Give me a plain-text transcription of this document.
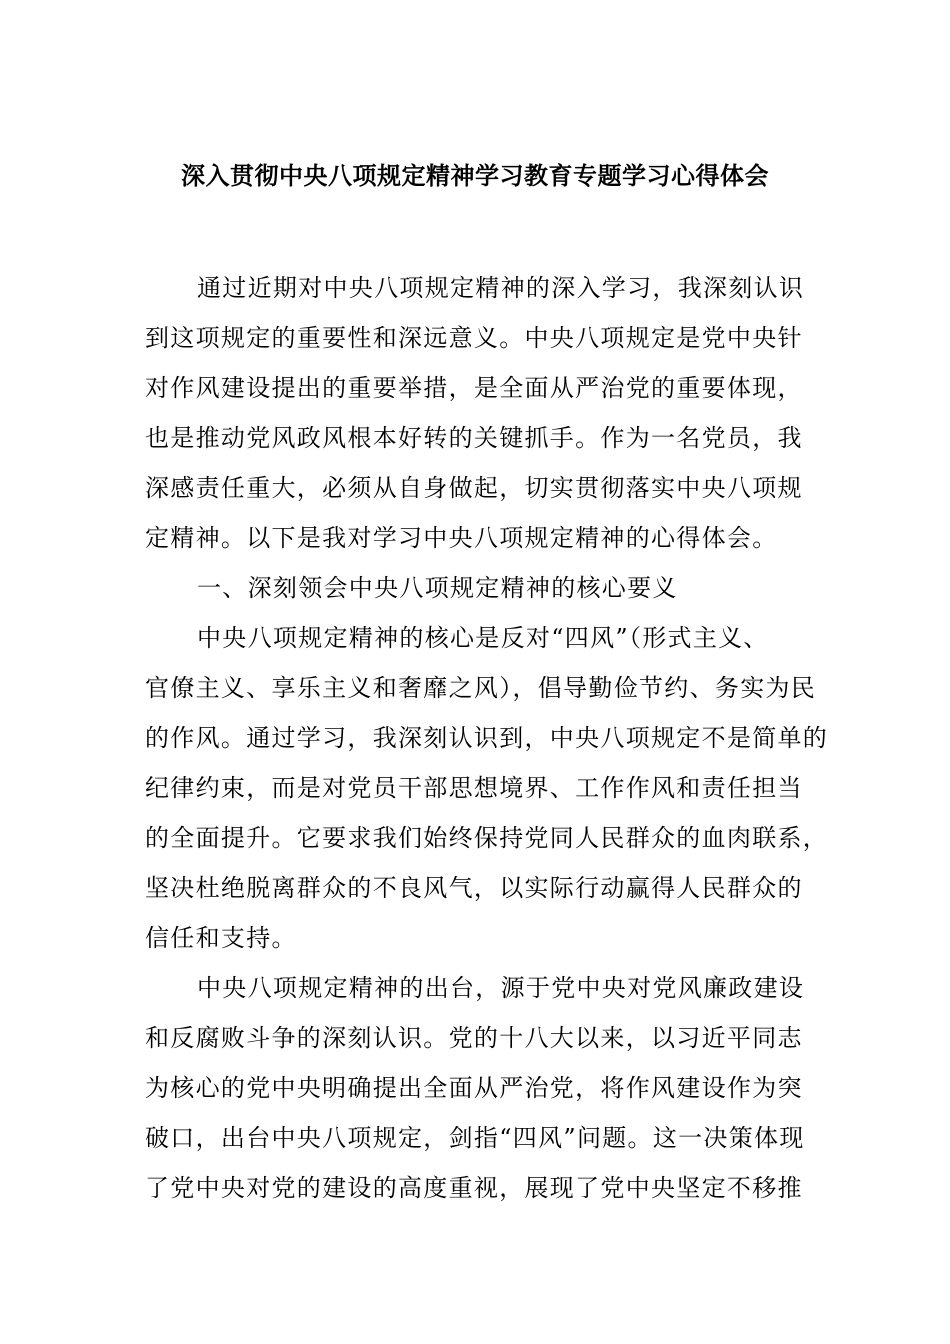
深入贯彻中央八项规定精神学习教育专题学习心得体会
通过近期对中央八项规定精神的深入学习，我深刻认识
到这项规定的重要性和深远意义。中央八项规定是党中央针
对作风建设提出的重要举措，是全面从严治党的重要体现，
也是推动党风政风根本好转的关键抓手。作为一名党员，我
深感责任重大，必须从自身做起，切实贯彻落实中央八项规
定精神。以下是我对学习中央八项规定精神的心得体会。
一、深刻领会中央八项规定精神的核心要义
中央八项规定精神的核心是反对“四风”（形式主义、
官僚主义、享乐主义和奢靡之风），倡导勤俭节约、务实为民
的作风。通过学习，我深刻认识到，中央八项规定不是简单的
纪律约束，而是对党员干部思想境界、工作作风和责任担当
的全面提升。它要求我们始终保持党同人民群众的血肉联系，
坚决杜绝脱离群众的不良风气，以实际行动赢得人民群众的
信任和支持。
中央八项规定精神的出台，源于党中央对党风廉政建设
和反腐败斗争的深刻认识。党的十八大以来，以习近平同志
为核心的党中央明确提出全面从严治党，将作风建设作为突
破口，出台中央八项规定，剑指“四风”问题。这一决策体现
了党中央对党的建设的高度重视，展现了党中央坚定不移推
